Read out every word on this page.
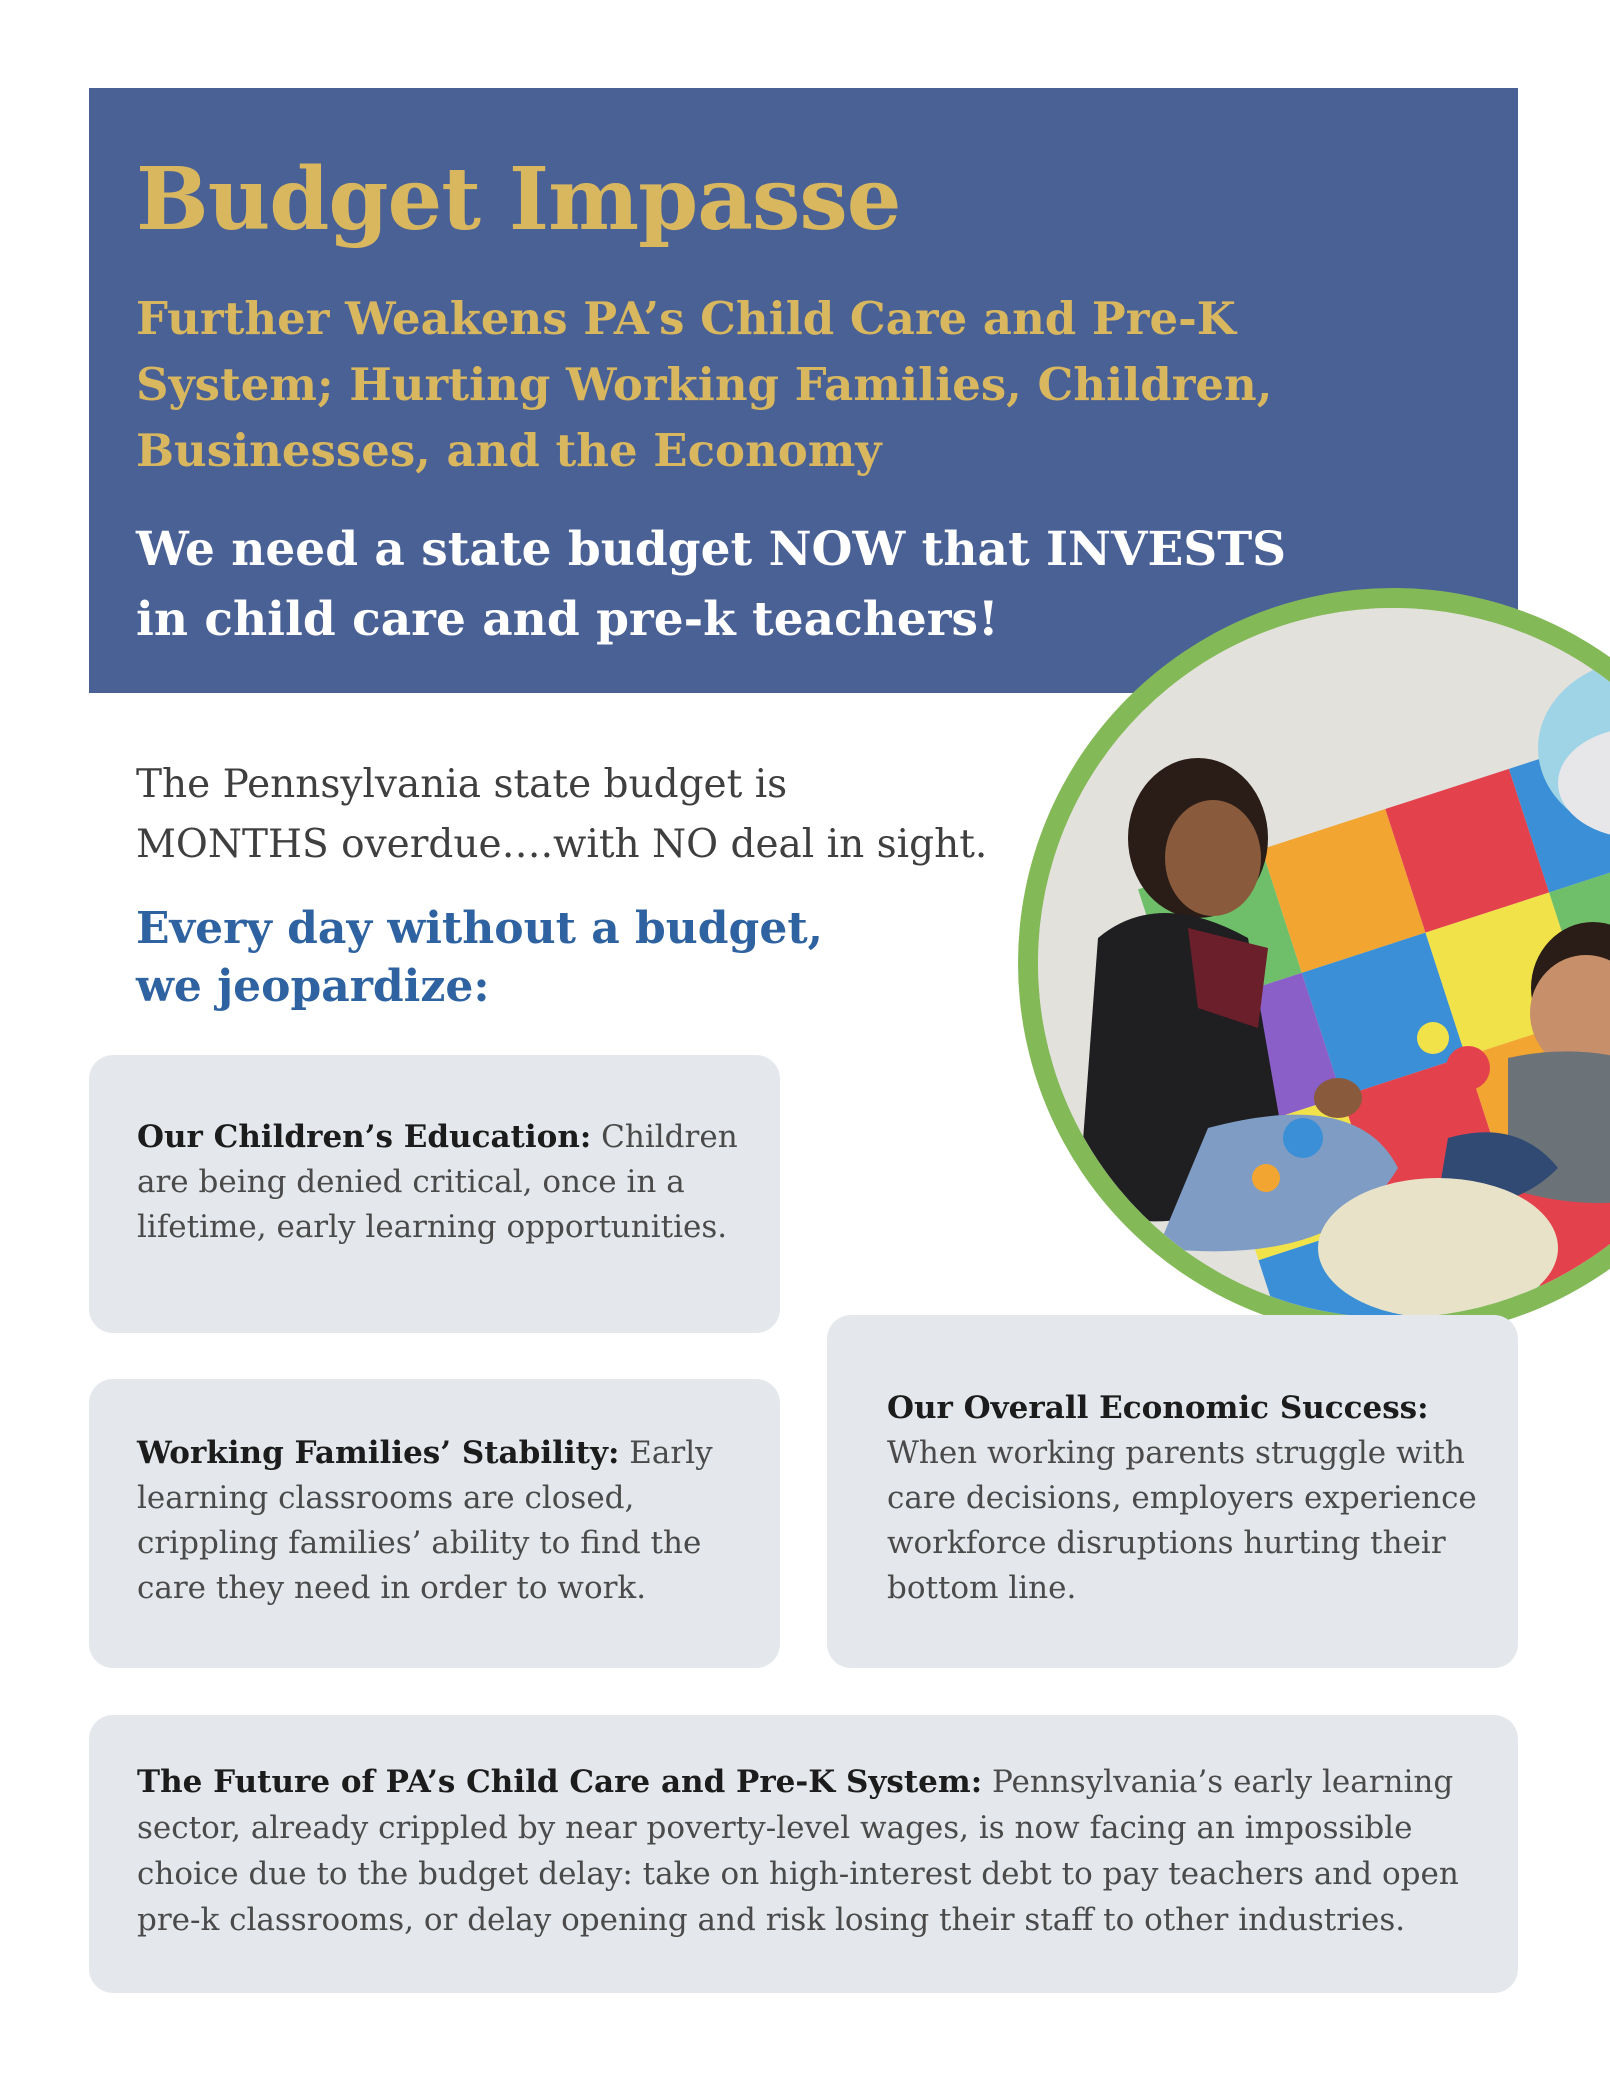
Budget Impasse
Further Weakens PA’s Child Care and Pre-K System; Hurting Working Families, Children, Businesses, and the Economy

We need a state budget NOW that INVESTS
in child care and pre-k teachers!

The Pennsylvania state budget is
MONTHS overdue….with NO deal in sight.

Every day without a budget,
we jeopardize:

Our Children’s Education: Children are being denied critical, once in a lifetime, early learning opportunities.

Working Families’ Stability: Early learning classrooms are closed, crippling families’ ability to find the care they need in order to work.

Our Overall Economic Success:
When working parents struggle with care decisions, employers experience workforce disruptions hurting their bottom line.

The Future of PA’s Child Care and Pre-K System: Pennsylvania’s early learning sector, already crippled by near poverty-level wages, is now facing an impossible choice due to the budget delay: take on high-interest debt to pay teachers and open pre-k classrooms, or delay opening and risk losing their staff to other industries.
